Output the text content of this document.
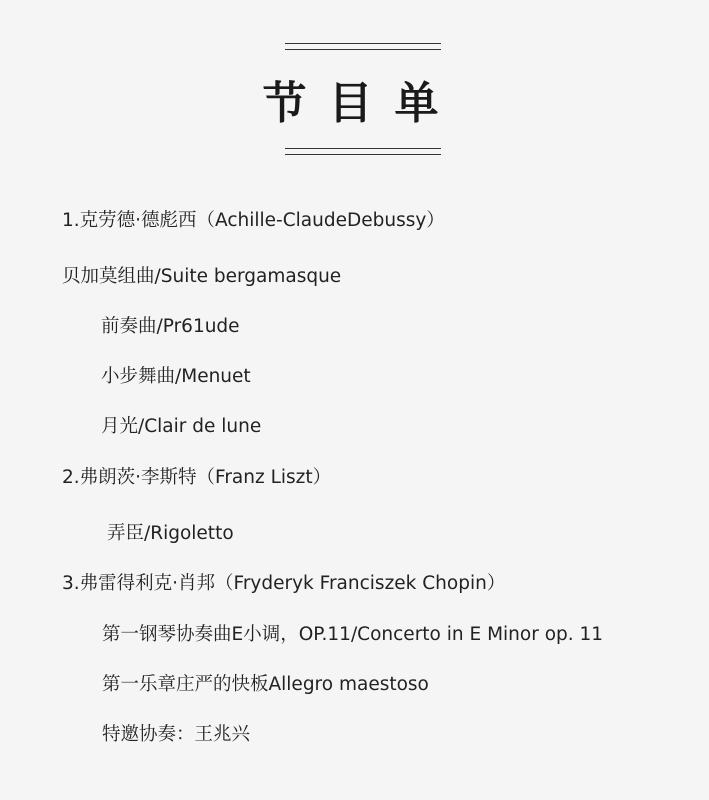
节目单
1.克劳德·德彪西（Achille-ClaudeDebussy）
贝加莫组曲/Suite bergamasque
前奏曲/Pr61ude
小步舞曲/Menuet
月光/Clair de lune
2.弗朗茨·李斯特（Franz Liszt）
弄臣/Rigoletto
3.弗雷得利克·肖邦（Fryderyk Franciszek Chopin）
第一钢琴协奏曲E小调，OP.11/Concerto in E Minor op. 11
第一乐章庄严的快板Allegro maestoso
特邀协奏：王兆兴
